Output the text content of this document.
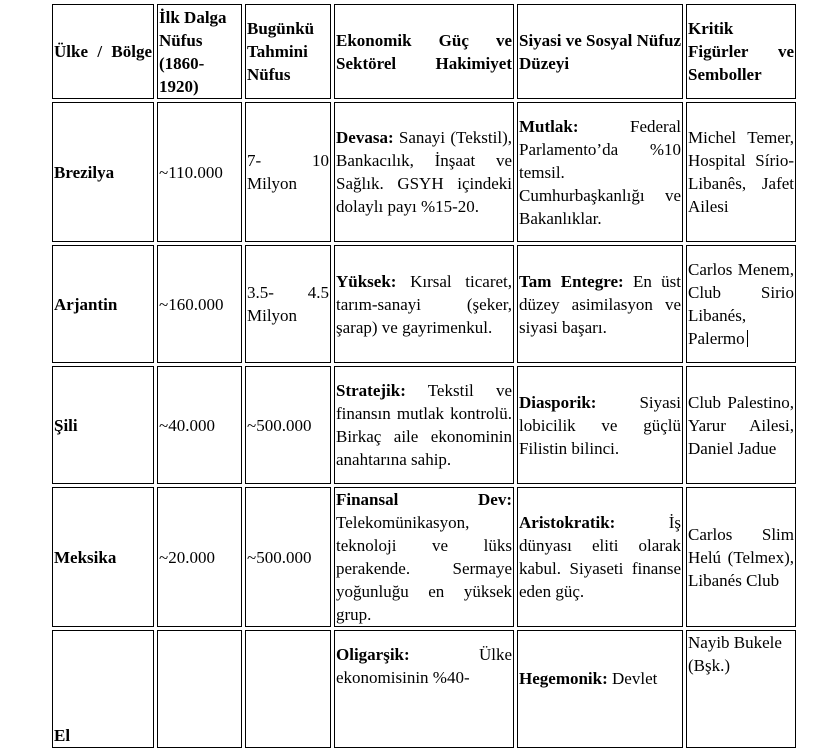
Ülke / Bölge	İlk Dalga Nüfus (1860-1920)	Bugünkü Tahmini Nüfus	Ekonomik Güç ve Sektörel Hakimiyet	Siyasi ve Sosyal Nüfuz Düzeyi	Kritik Figürler ve Semboller
Brezilya	~110.000	7- 10 Milyon	Devasa: Sanayi (Tekstil), Bankacılık, İnşaat ve Sağlık. GSYH içindeki dolaylı payı %15-20.	Mutlak: Federal Parlamento’da %10 temsil. Cumhurbaşkanlığı ve Bakanlıklar.	Michel Temer, Hospital Sírio-Libanês, Jafet Ailesi
Arjantin	~160.000	3.5- 4.5 Milyon	Yüksek: Kırsal ticaret, tarım-sanayi (şeker, şarap) ve gayrimenkul.	Tam Entegre: En üst düzey asimilasyon ve siyasi başarı.	Carlos Menem, Club Sirio Libanés, Palermo
Şili	~40.000	~500.000	Stratejik: Tekstil ve finansın mutlak kontrolü. Birkaç aile ekonominin anahtarına sahip.	Diasporik: Siyasi lobicilik ve güçlü Filistin bilinci.	Club Palestino, Yarur Ailesi, Daniel Jadue
Meksika	~20.000	~500.000	Finansal Dev: Telekomünikasyon, teknoloji ve lüks perakende. Sermaye yoğunluğu en yüksek grup.	Aristokratik: İş dünyası eliti olarak kabul. Siyaseti finanse eden güç.	Carlos Slim Helú (Telmex), Libanés Club
El			Oligarşik: Ülke ekonomisinin %40-	Hegemonik: Devlet	Nayib Bukele (Bşk.)
